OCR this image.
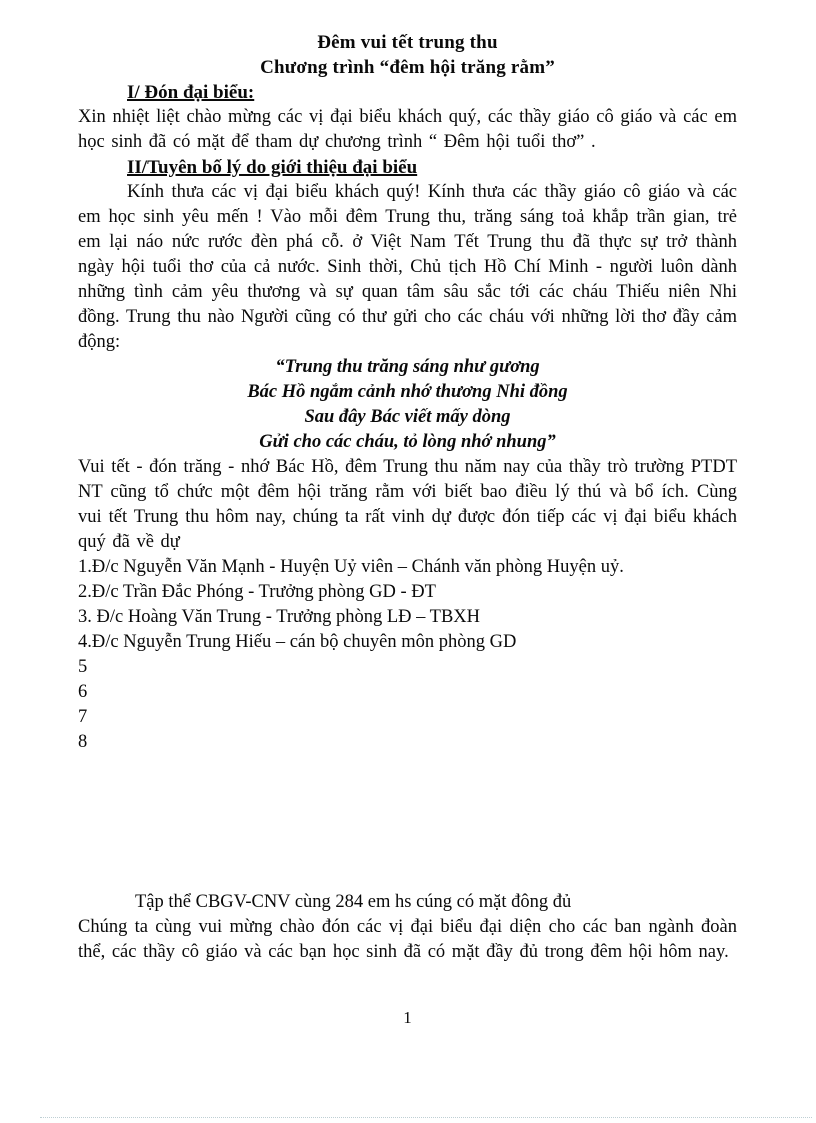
Đêm vui tết trung thu
Chương trình “đêm hội trăng rằm”
I/ Đón đại biểu:
Xin nhiệt liệt chào mừng các vị đại biểu khách quý, các thầy giáo cô giáo và các em học sinh đã có mặt để tham dự chương trình “ Đêm hội tuổi thơ” .
II/Tuyên bố lý do giới thiệu đại biểu
Kính thưa các vị đại biểu khách quý! Kính thưa các thầy giáo cô giáo và các em học sinh yêu mến ! Vào mỗi đêm Trung thu, trăng sáng toả khắp trần gian, trẻ em lại náo nức rước đèn phá cỗ. ở Việt Nam Tết Trung thu đã thực sự trở thành ngày hội tuổi thơ của cả nước. Sinh thời, Chủ tịch Hồ Chí Minh - người luôn dành những tình cảm yêu thương và sự quan tâm sâu sắc tới các cháu Thiếu niên Nhi đồng. Trung thu nào Người cũng có thư gửi cho các cháu với những lời thơ đầy cảm động:
“Trung thu trăng sáng như gương
Bác Hồ ngắm cảnh nhớ thương Nhi đồng
Sau đây Bác viết mấy dòng
Gửi cho các cháu, tỏ lòng nhớ nhung”
Vui tết - đón trăng - nhớ Bác Hồ, đêm Trung thu năm nay của thầy trò trường PTDT NT cũng tổ chức một đêm hội trăng rằm với biết bao điều lý thú và bổ ích. Cùng vui tết Trung thu hôm nay, chúng ta rất vinh dự được đón tiếp các vị đại biểu khách quý đã về dự
1.Đ/c Nguyễn Văn Mạnh - Huyện Uỷ viên – Chánh văn phòng Huyện uỷ.
2.Đ/c Trần Đắc Phóng - Trưởng phòng GD - ĐT
3. Đ/c Hoàng Văn Trung - Trưởng phòng LĐ – TBXH
4.Đ/c Nguyễn Trung Hiếu – cán bộ chuyên môn phòng GD
5
6
7
8
Tập thể CBGV-CNV cùng 284 em hs cúng có mặt đông đủ
Chúng ta cùng vui mừng chào đón các vị đại biểu đại diện cho các ban ngành đoàn thể, các thầy cô giáo và các bạn học sinh đã có mặt đầy đủ trong đêm hội hôm nay.
1
